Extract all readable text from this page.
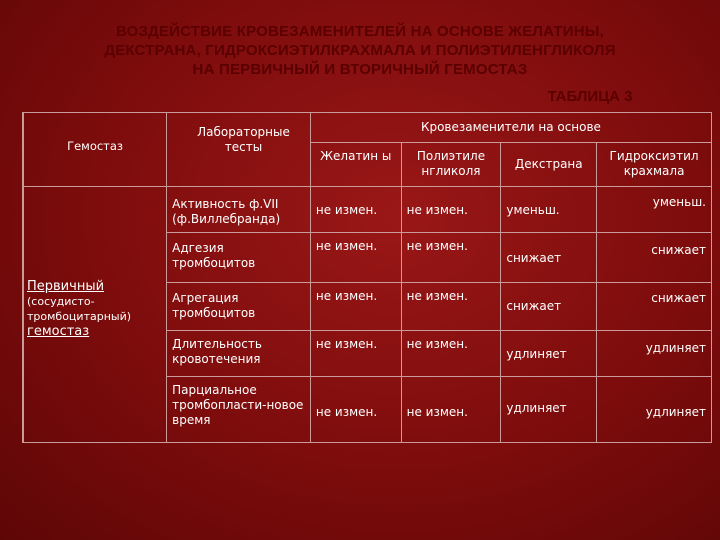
ВОЗДЕЙСТВИЕ КРОВЕЗАМЕНИТЕЛЕЙ НА ОСНОВЕ ЖЕЛАТИНЫ,
ДЕКСТРАНА, ГИДРОКСИЭТИЛКРАХМАЛА И ПОЛИЭТИЛЕНГЛИКОЛЯ
НА ПЕРВИЧНЫЙ И ВТОРИЧНЫЙ ГЕМОСТАЗ
ТАБЛИЦА 3
Гемостаз	Лабораторные тесты	Кровезаменители на основе			
		Желатин ы	Полиэтиле нгликоля	Декстрана	Гидроксиэтил крахмала

Первичный
(сосудисто-тромбоцитарный)
гемостаз	Активность ф.VII (ф.Виллебранда)	не измен.	не измен.	уменьш.	уменьш.
	Адгезия тромбоцитов	не измен.	не измен.	снижает	снижает
	Агрегация тромбоцитов	не измен.	не измен.	снижает	снижает
	Длительность кровотечения	не измен.	не измен.	удлиняет	удлиняет
	Парциальное тромбопласти-новое время	не измен.	не измен.	удлиняет	удлиняет
